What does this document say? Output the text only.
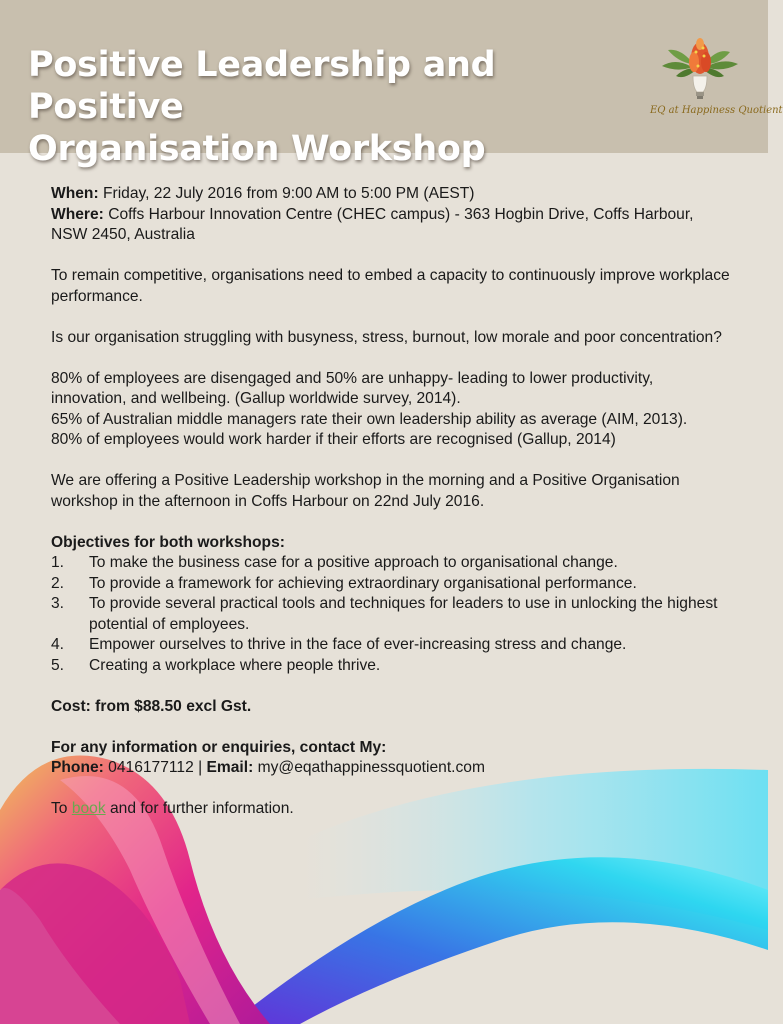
Positive Leadership and Positive
Organisation Workshop
EQ at Happiness Quotient

When: Friday, 22 July 2016 from 9:00 AM to 5:00 PM (AEST)

Where: Coffs Harbour Innovation Centre (CHEC campus) - 363 Hogbin Drive, Coffs Harbour, NSW 2450, Australia

To remain competitive, organisations need to embed a capacity to continuously improve workplace performance.

Is our organisation struggling with busyness, stress, burnout, low morale and poor concentration?

80% of employees are disengaged and 50% are unhappy- leading to lower productivity, innovation, and wellbeing. (Gallup worldwide survey, 2014).

65% of Australian middle managers rate their own leadership ability as average (AIM, 2013).

80% of employees would work harder if their efforts are recognised (Gallup, 2014)

We are offering a Positive Leadership workshop in the morning and a Positive Organisation workshop in the afternoon in Coffs Harbour on 22nd July 2016.

Objectives for both workshops:

1. To make the business case for a positive approach to organisational change.
2. To provide a framework for achieving extraordinary organisational performance.
3. To provide several practical tools and techniques for leaders to use in unlocking the highest potential of employees.
4. Empower ourselves to thrive in the face of ever-increasing stress and change.
5. Creating a workplace where people thrive.

Cost: from $88.50 excl Gst.

For any information or enquiries, contact My:

Phone: 0416177112 | Email: my@eqathappinessquotient.com

To book and for further information.
